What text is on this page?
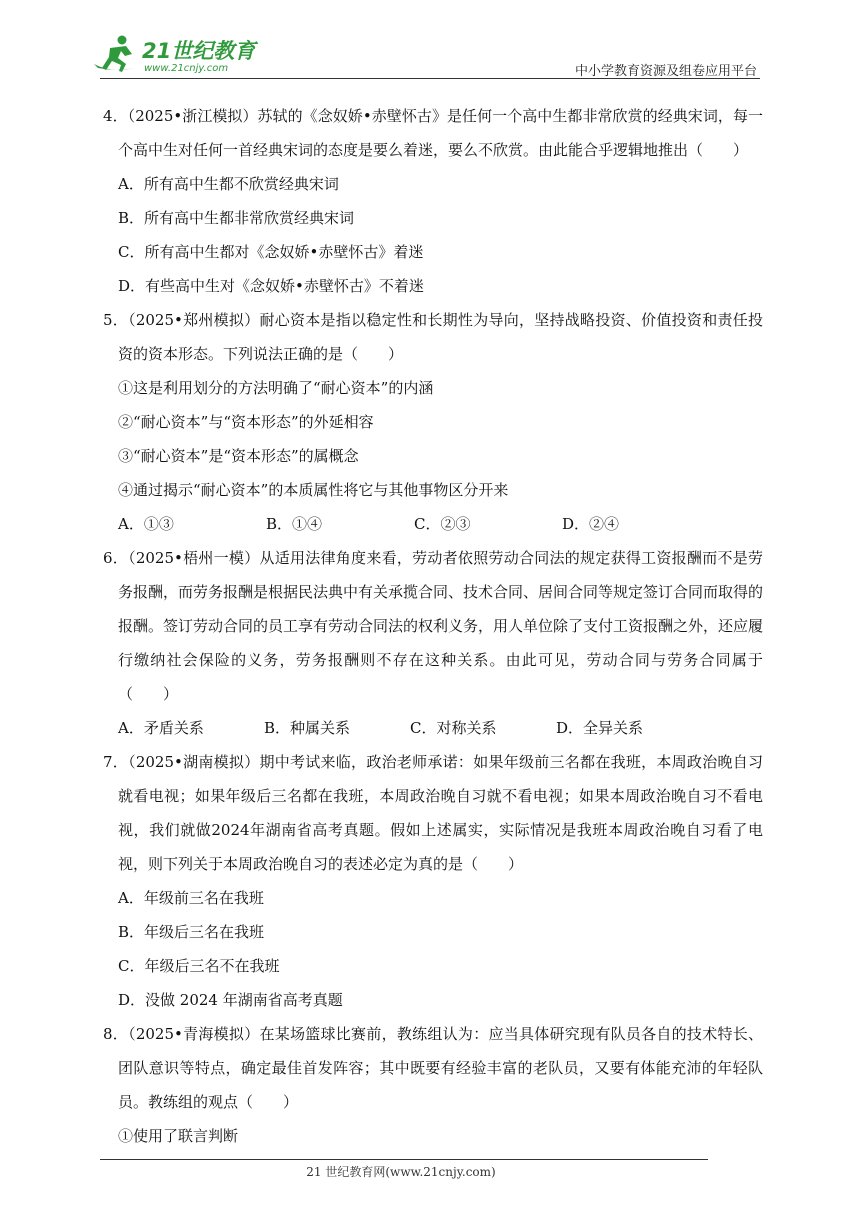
21世纪教育
www.21cnjy.com	中小学教育资源及组卷应用平台
4．（2025•浙江模拟）苏轼的《念奴娇•赤壁怀古》是任何一个高中生都非常欣赏的经典宋词，每一个高中生对任何一首经典宋词的态度是要么着迷，要么不欣赏。由此能合乎逻辑地推出（　　）
A．所有高中生都不欣赏经典宋词
B．所有高中生都非常欣赏经典宋词
C．所有高中生都对《念奴娇•赤壁怀古》着迷
D．有些高中生对《念奴娇•赤壁怀古》不着迷
5．（2025•郑州模拟）耐心资本是指以稳定性和长期性为导向，坚持战略投资、价值投资和责任投资的资本形态。下列说法正确的是（　　）
①这是利用划分的方法明确了“耐心资本”的内涵
②“耐心资本”与“资本形态”的外延相容
③“耐心资本”是“资本形态”的属概念
④通过揭示“耐心资本”的本质属性将它与其他事物区分开来
A．①③	B．①④	C．②③	D．②④
6．（2025•梧州一模）从适用法律角度来看，劳动者依照劳动合同法的规定获得工资报酬而不是劳务报酬，而劳务报酬是根据民法典中有关承揽合同、技术合同、居间合同等规定签订合同而取得的报酬。签订劳动合同的员工享有劳动合同法的权利义务，用人单位除了支付工资报酬之外，还应履行缴纳社会保险的义务，劳务报酬则不存在这种关系。由此可见，劳动合同与劳务合同属于（　　）
A．矛盾关系	B．种属关系	C．对称关系	D．全异关系
7．（2025•湖南模拟）期中考试来临，政治老师承诺：如果年级前三名都在我班，本周政治晚自习就看电视；如果年级后三名都在我班，本周政治晚自习就不看电视；如果本周政治晚自习不看电视，我们就做2024年湖南省高考真题。假如上述属实，实际情况是我班本周政治晚自习看了电视，则下列关于本周政治晚自习的表述必定为真的是（　　）
A．年级前三名在我班
B．年级后三名在我班
C．年级后三名不在我班
D．没做 2024 年湖南省高考真题
8．（2025•青海模拟）在某场篮球比赛前，教练组认为：应当具体研究现有队员各自的技术特长、团队意识等特点，确定最佳首发阵容；其中既要有经验丰富的老队员，又要有体能充沛的年轻队员。教练组的观点（　　）
①使用了联言判断
21 世纪教育网(www.21cnjy.com)
